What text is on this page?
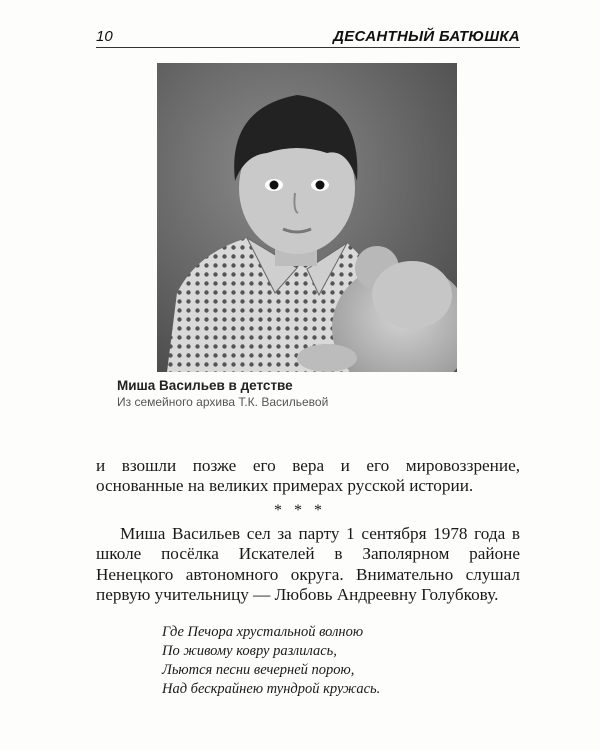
10	ДЕСАНТНЫЙ БАТЮШКА
Миша Васильев в детстве
Из семейного архива Т.К. Васильевой

и взошли позже его вера и его мировоззрение, основанные на великих примерах русской истории.

* * *

Миша Васильев сел за парту 1 сентября 1978 года в школе посёлка Искателей в Заполярном районе Ненецкого автономного округа. Внимательно слушал первую учительницу — Любовь Андреевну Голубкову.

Где Печора хрустальной волною
По живому ковру разлилась,
Льются песни вечерней порою,
Над бескрайнею тундрой кружась.
